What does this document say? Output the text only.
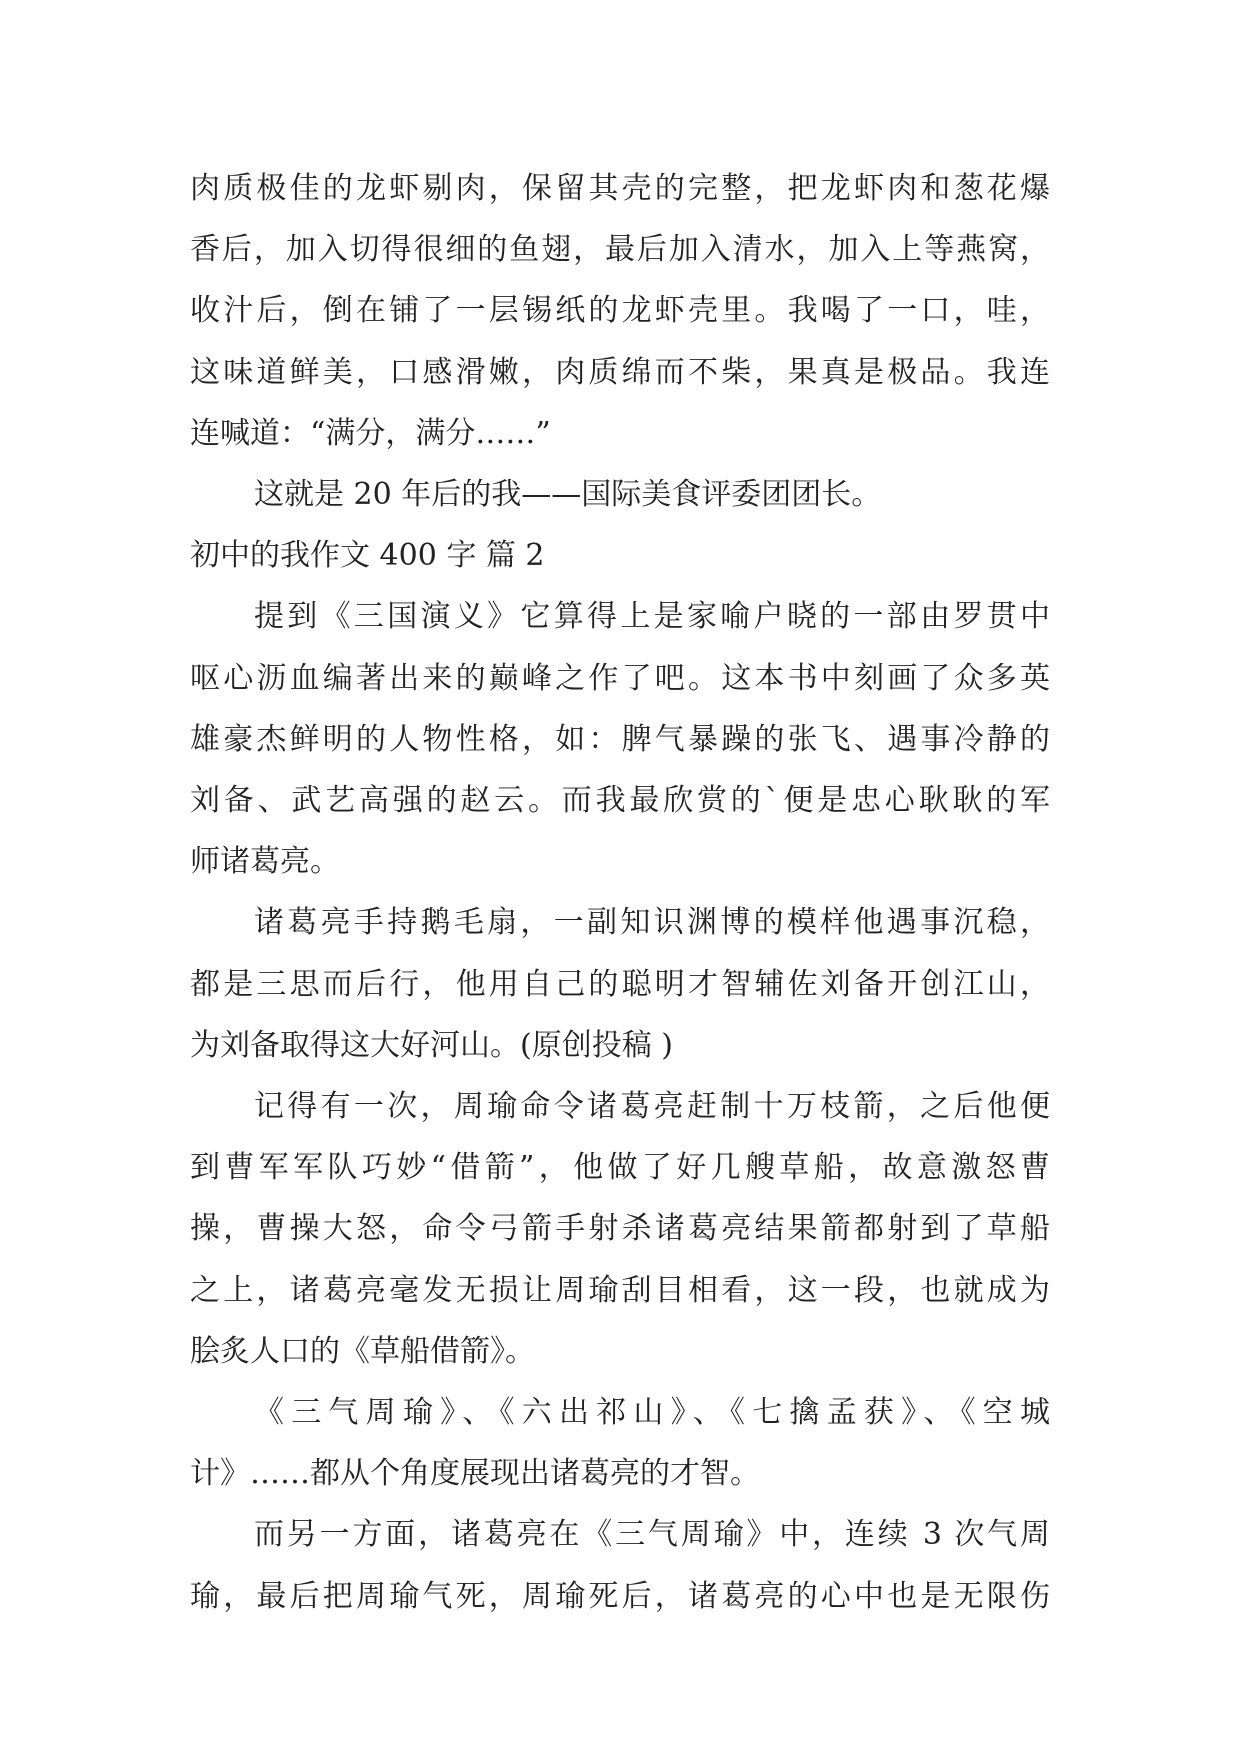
肉质极佳的龙虾剔肉，保留其壳的完整，把龙虾肉和葱花爆
香后，加入切得很细的鱼翅，最后加入清水，加入上等燕窝，
收汁后，倒在铺了一层锡纸的龙虾壳里。我喝了一口，哇，
这味道鲜美，口感滑嫩，肉质绵而不柴，果真是极品。我连
连喊道：“满分，满分……”
这就是 20 年后的我——国际美食评委团团长。
初中的我作文 400 字 篇 2
提到《三国演义》它算得上是家喻户晓的一部由罗贯中
呕心沥血编著出来的巅峰之作了吧。这本书中刻画了众多英
雄豪杰鲜明的人物性格，如：脾气暴躁的张飞、遇事冷静的
刘备、武艺高强的赵云。而我最欣赏的`便是忠心耿耿的军
师诸葛亮。
诸葛亮手持鹅毛扇，一副知识渊博的模样他遇事沉稳，
都是三思而后行，他用自己的聪明才智辅佐刘备开创江山，
为刘备取得这大好河山。(原创投稿 )
记得有一次，周瑜命令诸葛亮赶制十万枝箭，之后他便
到曹军军队巧妙“借箭”，他做了好几艘草船，故意激怒曹
操，曹操大怒，命令弓箭手射杀诸葛亮结果箭都射到了草船
之上，诸葛亮毫发无损让周瑜刮目相看，这一段，也就成为
脍炙人口的《草船借箭》。
《三气周瑜》、《六出祁山》、《七擒孟获》、《空城
计》……都从个角度展现出诸葛亮的才智。
而另一方面，诸葛亮在《三气周瑜》中，连续 3 次气周
瑜，最后把周瑜气死，周瑜死后，诸葛亮的心中也是无限伤
